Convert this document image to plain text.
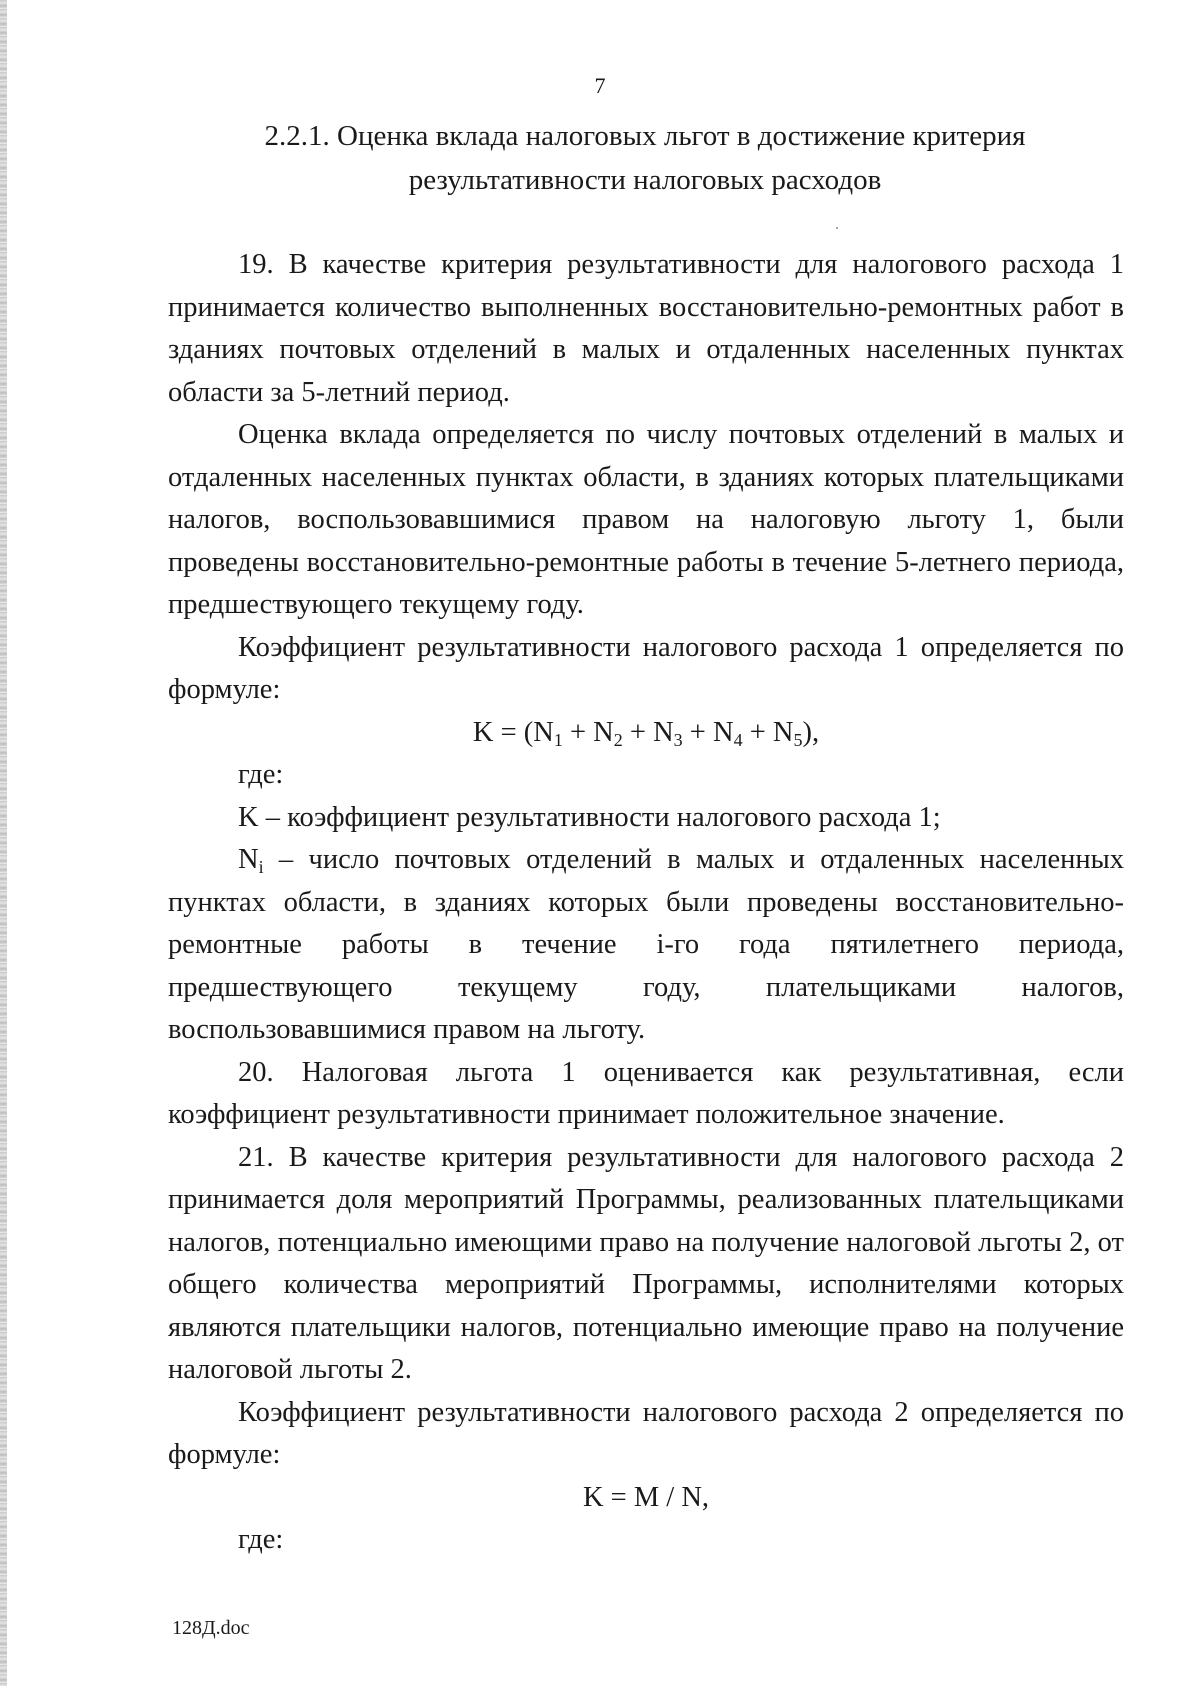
7
2.2.1. Оценка вклада налоговых льгот в достижение критерия
результативности налоговых расходов

19. В качестве критерия результативности для налогового расхода 1 принимается количество выполненных восстановительно-ремонтных работ в зданиях почтовых отделений в малых и отдаленных населенных пунктах области за 5-летний период.

Оценка вклада определяется по числу почтовых отделений в малых и отдаленных населенных пунктах области, в зданиях которых плательщиками налогов, воспользовавшимися правом на налоговую льготу 1, были проведены восстановительно-ремонтные работы в течение 5-летнего периода, предшествующего текущему году.

Коэффициент результативности налогового расхода 1 определяется по формуле:

$K = (N_1 + N_2 + N_3 + N_4 + N_5)$,

где:

K – коэффициент результативности налогового расхода 1;

$N_i$ – число почтовых отделений в малых и отдаленных населенных пунктах области, в зданиях которых были проведены восстановительно-ремонтные работы в течение i-го года пятилетнего периода, предшествующего текущему году, плательщиками налогов, воспользовавшимися правом на льготу.

20. Налоговая льгота 1 оценивается как результативная, если коэффициент результативности принимает положительное значение.

21. В качестве критерия результативности для налогового расхода 2 принимается доля мероприятий Программы, реализованных плательщиками налогов, потенциально имеющими право на получение налоговой льготы 2, от общего количества мероприятий Программы, исполнителями которых являются плательщики налогов, потенциально имеющие право на получение налоговой льготы 2.

Коэффициент результативности налогового расхода 2 определяется по формуле:

K = M / N,

где:

128Д.doc
